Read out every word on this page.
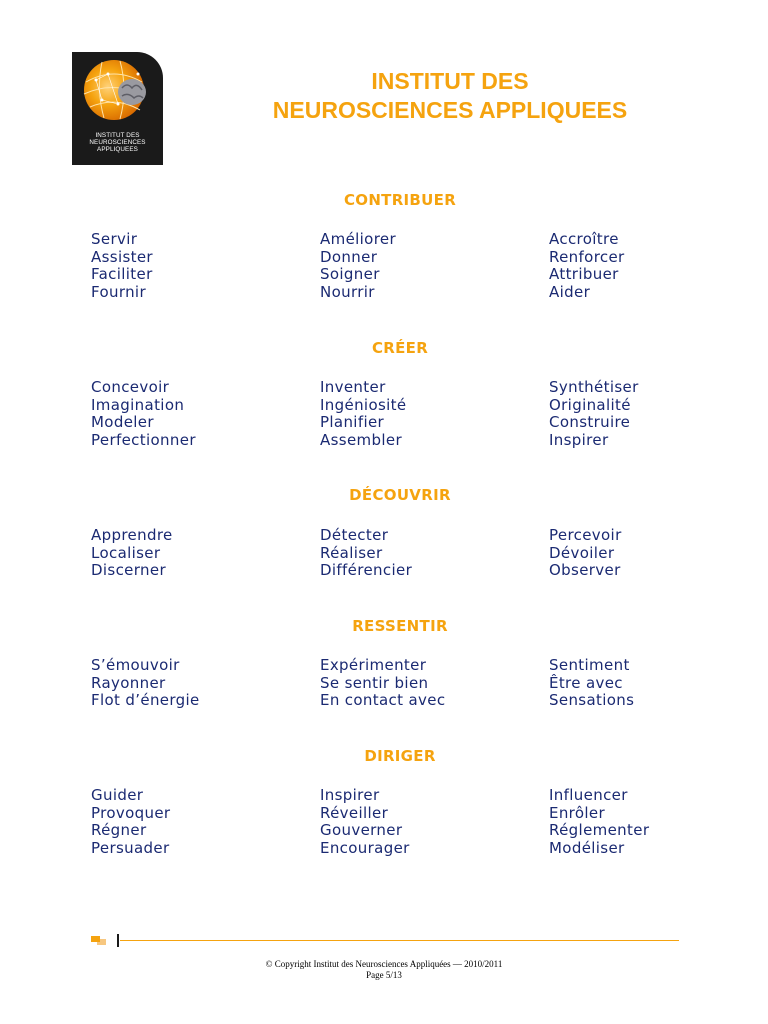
INSTITUT DES
NEUROSCIENCES
APPLIQUEES
INSTITUT DES
NEUROSCIENCES APPLIQUEES
CONTRIBUER
Servir
Assister
Faciliter
Fournir
Améliorer
Donner
Soigner
Nourrir
Accroître
Renforcer
Attribuer
Aider
CRÉER
Concevoir
Imagination
Modeler
Perfectionner
Inventer
Ingéniosité
Planifier
Assembler
Synthétiser
Originalité
Construire
Inspirer
DÉCOUVRIR
Apprendre
Localiser
Discerner
Détecter
Réaliser
Différencier
Percevoir
Dévoiler
Observer
RESSENTIR
S’émouvoir
Rayonner
Flot d’énergie
Expérimenter
Se sentir bien
En contact avec
Sentiment
Être avec
Sensations
DIRIGER
Guider
Provoquer
Régner
Persuader
Inspirer
Réveiller
Gouverner
Encourager
Influencer
Enrôler
Réglementer
Modéliser
© Copyright Institut des Neurosciences Appliquées — 2010/2011
Page 5/13
